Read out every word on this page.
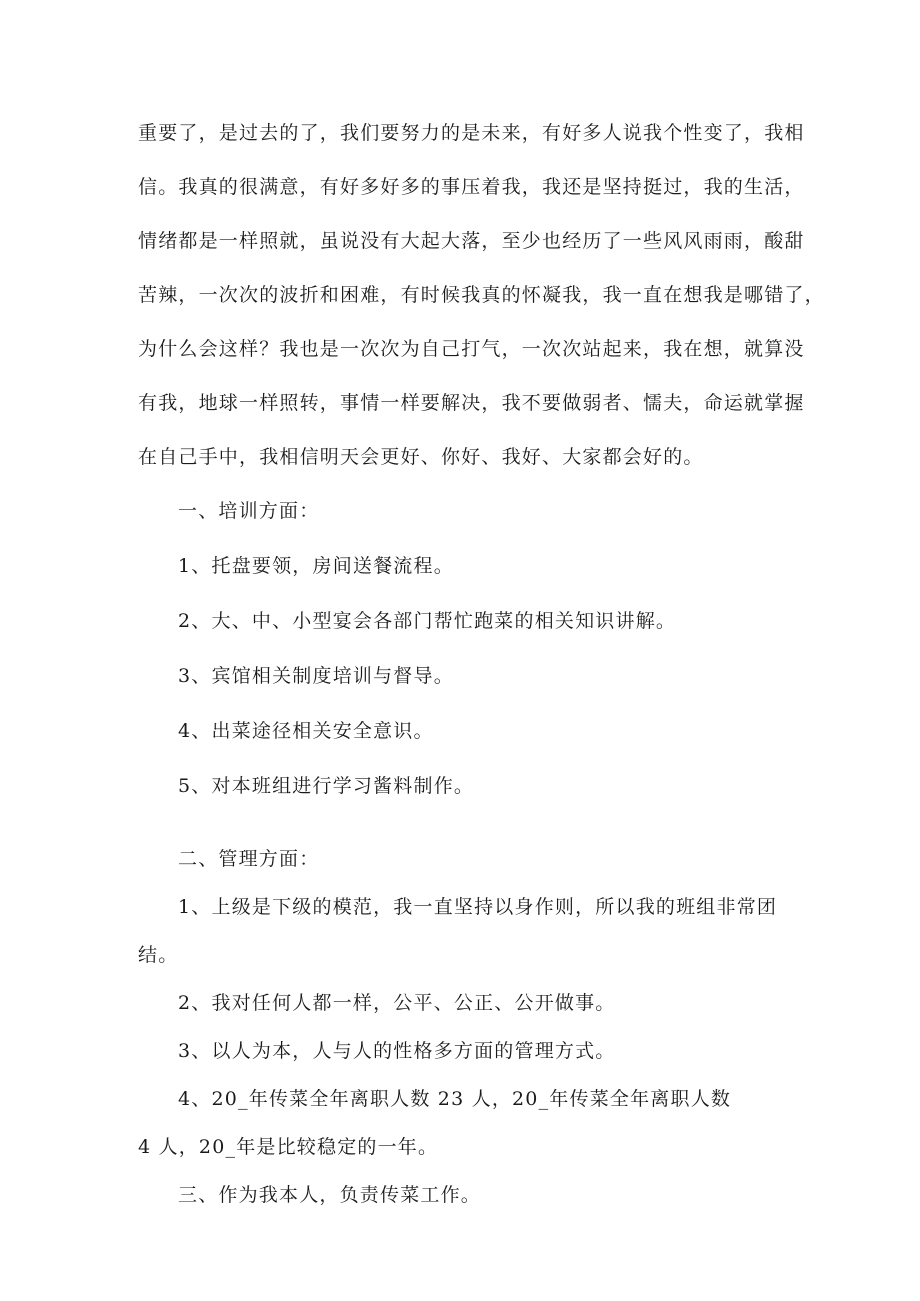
重要了，是过去的了，我们要努力的是未来，有好多人说我个性变了，我相

信。我真的很满意，有好多好多的事压着我，我还是坚持挺过，我的生活，

情绪都是一样照就，虽说没有大起大落，至少也经历了一些风风雨雨，酸甜

苦辣，一次次的波折和困难，有时候我真的怀凝我，我一直在想我是哪错了，

为什么会这样？我也是一次次为自己打气，一次次站起来，我在想，就算没

有我，地球一样照转，事情一样要解决，我不要做弱者、懦夫，命运就掌握

在自己手中，我相信明天会更好、你好、我好、大家都会好的。

一、培训方面：

1、托盘要领，房间送餐流程。

2、大、中、小型宴会各部门帮忙跑菜的相关知识讲解。

3、宾馆相关制度培训与督导。

4、出菜途径相关安全意识。

5、对本班组进行学习酱料制作。

二、管理方面：

1、上级是下级的模范，我一直坚持以身作则，所以我的班组非常团

结。

2、我对任何人都一样，公平、公正、公开做事。

3、以人为本，人与人的性格多方面的管理方式。

4、20_年传菜全年离职人数 23 人，20_年传菜全年离职人数

4 人，20_年是比较稳定的一年。

三、作为我本人，负责传菜工作。
